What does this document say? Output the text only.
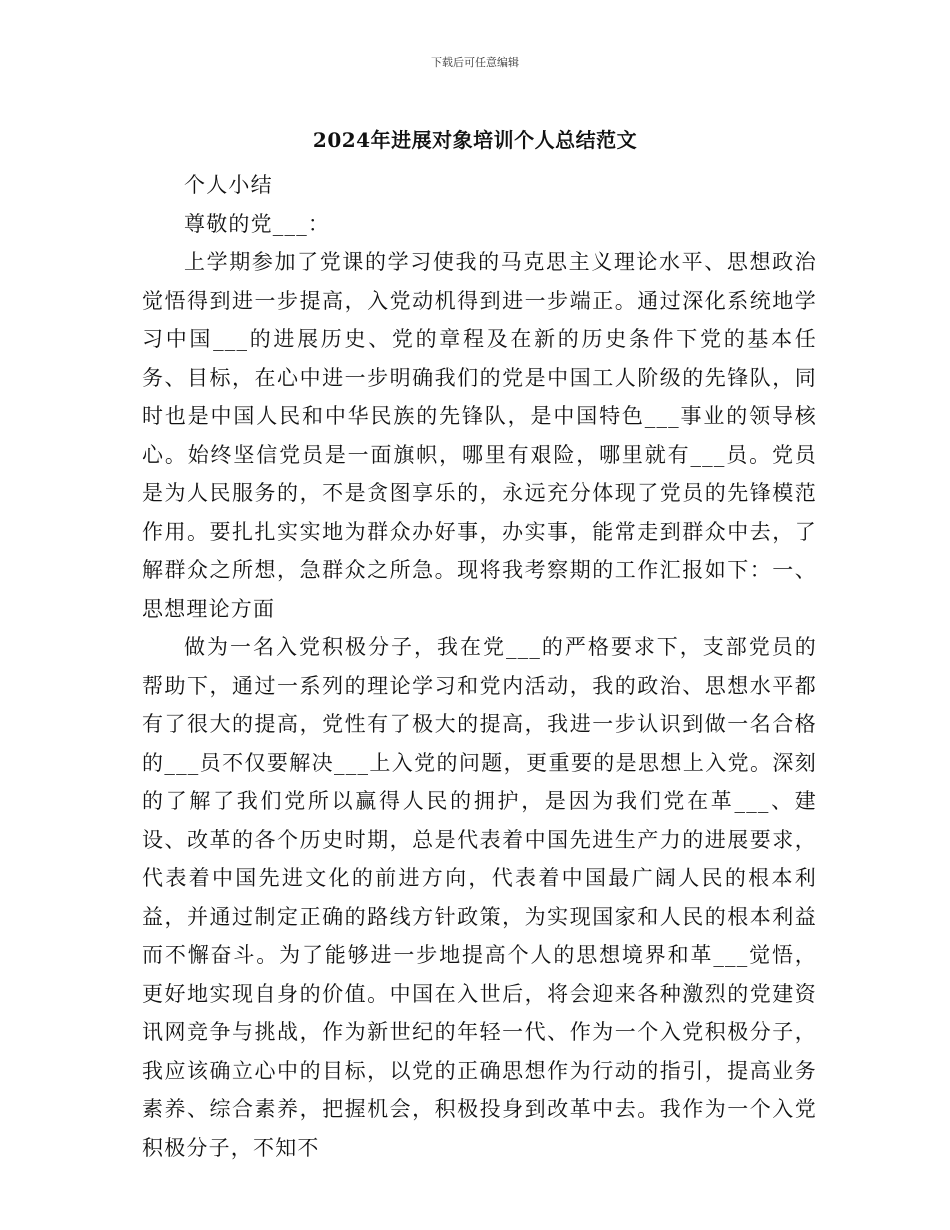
下载后可任意编辑
2024年进展对象培训个人总结范文

个人小结

尊敬的党___：

上学期参加了党课的学习使我的马克思主义理论水平、思想政治觉悟得到进一步提高，入党动机得到进一步端正。通过深化系统地学习中国___的进展历史、党的章程及在新的历史条件下党的基本任务、目标，在心中进一步明确我们的党是中国工人阶级的先锋队，同时也是中国人民和中华民族的先锋队，是中国特色___事业的领导核心。始终坚信党员是一面旗帜，哪里有艰险，哪里就有___员。党员是为人民服务的，不是贪图享乐的，永远充分体现了党员的先锋模范作用。要扎扎实实地为群众办好事，办实事，能常走到群众中去，了解群众之所想，急群众之所急。现将我考察期的工作汇报如下：一、思想理论方面

做为一名入党积极分子，我在党___的严格要求下，支部党员的帮助下，通过一系列的理论学习和党内活动，我的政治、思想水平都有了很大的提高，党性有了极大的提高，我进一步认识到做一名合格的___员不仅要解决___上入党的问题，更重要的是思想上入党。深刻的了解了我们党所以赢得人民的拥护，是因为我们党在革___、建设、改革的各个历史时期，总是代表着中国先进生产力的进展要求，代表着中国先进文化的前进方向，代表着中国最广阔人民的根本利益，并通过制定正确的路线方针政策，为实现国家和人民的根本利益而不懈奋斗。为了能够进一步地提高个人的思想境界和革___觉悟，更好地实现自身的价值。中国在入世后，将会迎来各种激烈的党建资讯网竞争与挑战，作为新世纪的年轻一代、作为一个入党积极分子，我应该确立心中的目标，以党的正确思想作为行动的指引，提高业务素养、综合素养，把握机会，积极投身到改革中去。我作为一个入党积极分子，不知不
